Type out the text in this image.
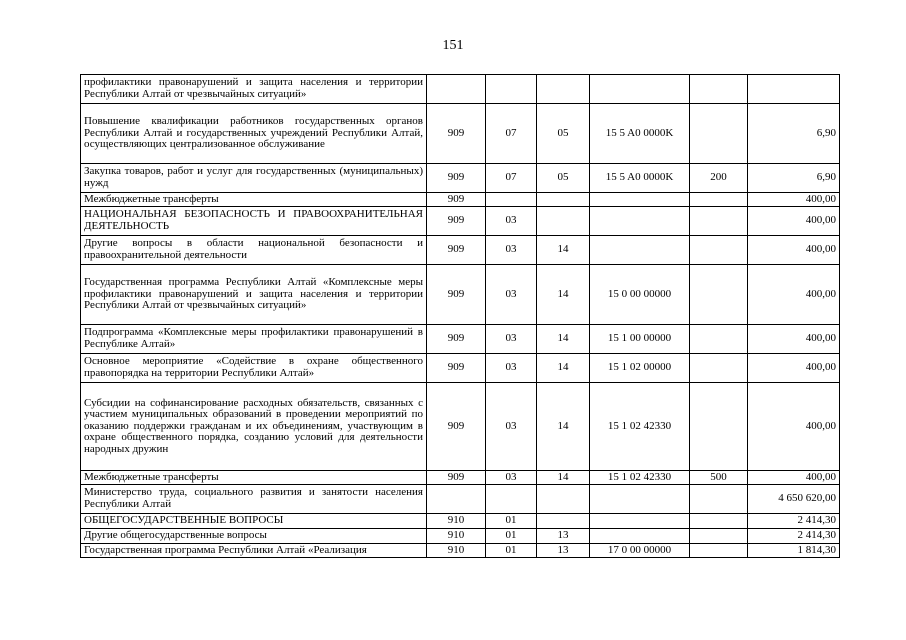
151
профилактики правонарушений и защита населения и территории Республики Алтай от чрезвычайных ситуаций»						
Повышение квалификации работников государственных органов Республики Алтай и государственных учреждений Республики Алтай, осуществляющих централизованное обслуживание	909	07	05	15 5 A0 0000K		6,90
Закупка товаров, работ и услуг для государственных (муниципальных) нужд	909	07	05	15 5 A0 0000K	200	6,90
Межбюджетные трансферты	909					400,00
НАЦИОНАЛЬНАЯ БЕЗОПАСНОСТЬ И ПРАВООХРАНИТЕЛЬНАЯ ДЕЯТЕЛЬНОСТЬ	909	03				400,00
Другие вопросы в области национальной безопасности и правоохранительной деятельности	909	03	14			400,00
Государственная программа Республики Алтай «Комплексные меры профилактики правонарушений и защита населения и территории Республики Алтай от чрезвычайных ситуаций»	909	03	14	15 0 00 00000		400,00
Подпрограмма «Комплексные меры профилактики правонарушений в Республике Алтай»	909	03	14	15 1 00 00000		400,00
Основное мероприятие «Содействие в охране общественного правопорядка на территории Республики Алтай»	909	03	14	15 1 02 00000		400,00
Субсидии на софинансирование расходных обязательств, связанных с участием муниципальных образований в проведении мероприятий по оказанию поддержки гражданам и их объединениям, участвующим в охране общественного порядка, созданию условий для деятельности народных дружин	909	03	14	15 1 02 42330		400,00
Межбюджетные трансферты	909	03	14	15 1 02 42330	500	400,00
Министерство труда, социального развития и занятости населения Республики Алтай						4 650 620,00
ОБЩЕГОСУДАРСТВЕННЫЕ ВОПРОСЫ	910	01				2 414,30
Другие общегосударственные вопросы	910	01	13			2 414,30
Государственная программа Республики Алтай «Реализация	910	01	13	17 0 00 00000		1 814,30
